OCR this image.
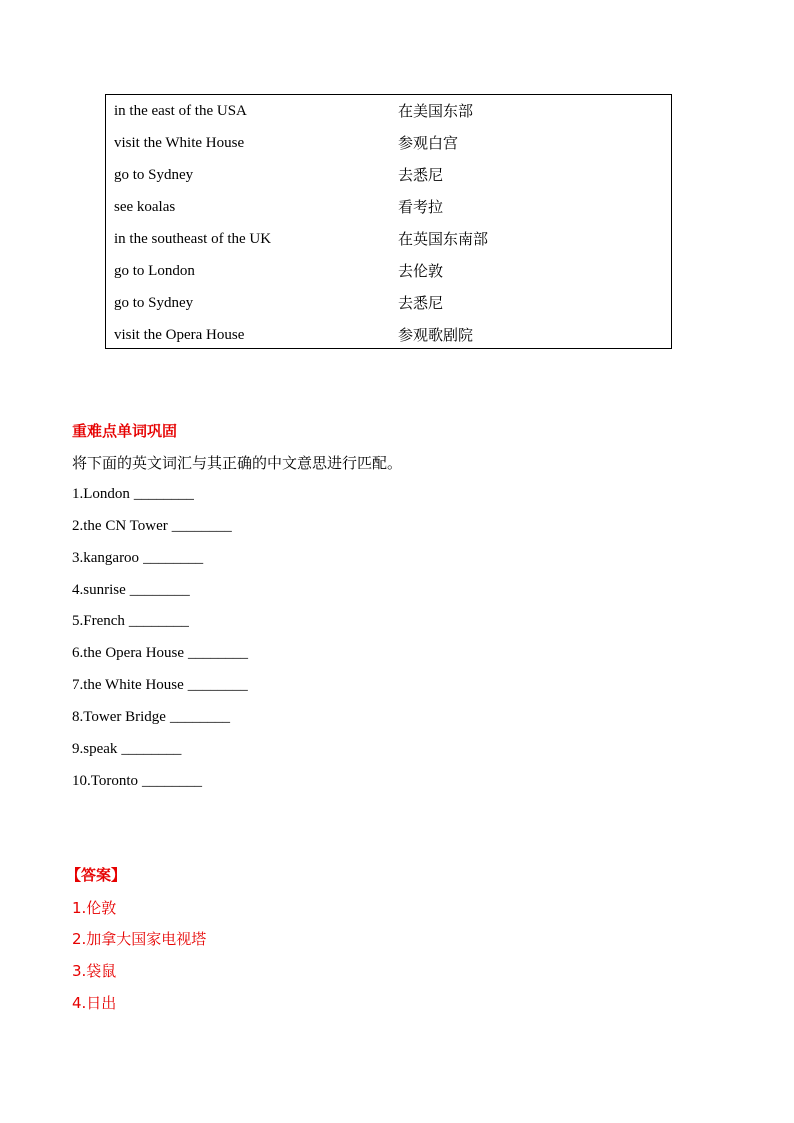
in the east of the USA	在美国东部
visit the White House	参观白宫
go to Sydney	去悉尼
see koalas	看考拉
in the southeast of the UK	在英国东南部
go to London	去伦敦
go to Sydney	去悉尼
visit the Opera House	参观歌剧院
重难点单词巩固
将下面的英文词汇与其正确的中文意思进行匹配。
1.London ________
2.the CN Tower ________
3.kangaroo ________
4.sunrise ________
5.French ________
6.the Opera House ________
7.the White House ________
8.Tower Bridge ________
9.speak ________
10.Toronto ________
【答案】
1.伦敦
2.加拿大国家电视塔
3.袋鼠
4.日出
